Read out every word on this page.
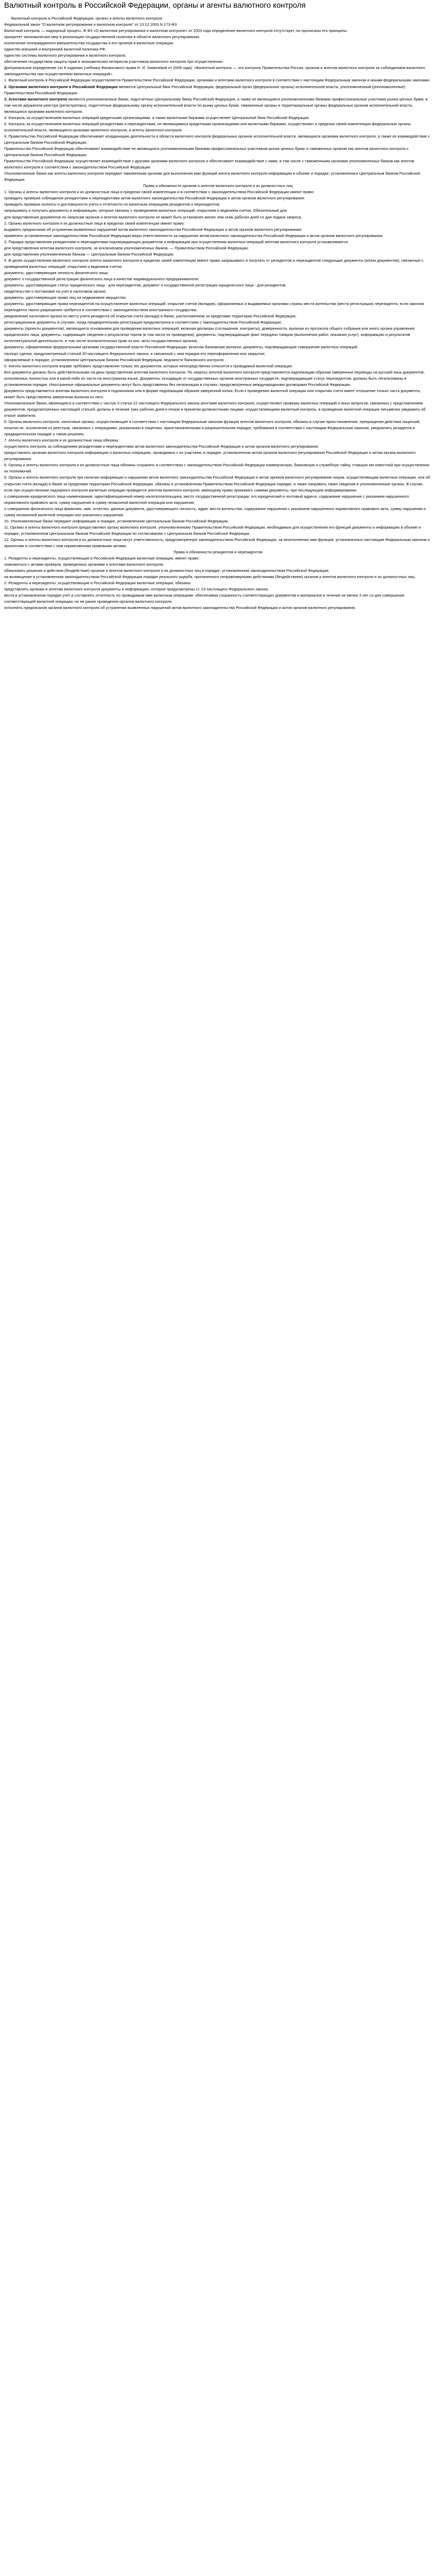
Валютный контроль в Российской Федерации, органы и агенты валютного контроля

Валютный контроль в Российской Федерации, органы и агенты валютного контроля

Федеральный закон "О валютном регулировании и валютном контроле" от 10.12.2003 N 173-ФЗ

Валютный контроль — надзорный процесс. В ФЗ «О валютном регулировании и валютном контроле» от 2003 года определение валютного контроля отсутствует, но прописаны его принципы:

приоритет экономических мер в реализации государственной политики в области валютного регулирования;

исключение неоправданного вмешательства государства и его органов в валютные операции;

единство внешней и внутренней валютной политики РФ;

единство системы валютного регулирования и валютного контроля;

обеспечение государством защиты прав и экономических интересов участников валютного контроля при осуществлении.

Доктринальное определение (по 8 изданию учебника Финансового права Н. И. Химичевой от 2008 года): «Валютный контроль — это контроль Правительства России, органов и агентов валютного контроля за соблюдением валютного законодательства при осуществлении валютных операций».

1. Валютный контроль в Российской Федерации осуществляется Правительством Российской Федерации, органами и агентами валютного контроля в соответствии с настоящим Федеральным законом и иными федеральными законами.

2. Органами валютного контроля в Российской Федерации являются Центральный банк Российской Федерации, федеральный орган (федеральные органы) исполнительной власти, уполномоченный (уполномоченные) Правительством Российской Федерации.

3. Агентами валютного контроля являются уполномоченные банки, подотчетные Центральному банку Российской Федерации, а также не являющиеся уполномоченными банками профессиональные участники рынка ценных бумаг, в том числе держатели реестра (регистраторы), подотчетные федеральному органу исполнительной власти по рынку ценных бумаг, таможенные органы и территориальные органы федеральных органов исполнительной власти, являющихся органами валютного контроля.

4. Контроль за осуществлением валютных операций кредитными организациями, а также валютными биржами осуществляет Центральный банк Российской Федерации.

5. Контроль за осуществлением валютных операций резидентами и нерезидентами, не являющимися кредитными организациями или валютными биржами, осуществляют в пределах своей компетенции федеральные органы исполнительной власти, являющиеся органами валютного контроля, и агенты валютного контроля.

6. Правительство Российской Федерации обеспечивает координацию деятельности в области валютного контроля федеральных органов исполнительной власти, являющихся органами валютного контроля, а также их взаимодействие с Центральным банком Российской Федерации.

Правительство Российской Федерации обеспечивает взаимодействие не являющихся уполномоченными банками профессиональных участников рынка ценных бумаг и таможенных органов как агентов валютного контроля с Центральным банком Российской Федерации.

Правительство Российской Федерации осуществляет взаимодействие с другими органами валютного контроля и обеспечивает взаимодействие с ними, в том числе с таможенными органами уполномоченных банков как агентов валютного контроля в соответствии с законодательством Российской Федерации.

Уполномоченные банки как агенты валютного контроля передают таможенным органам для выполнения ими функций агента валютного контроля информацию в объеме и порядке, установленных Центральным банком Российской Федерации.

Права и обязанности органов и агентов валютного контроля и их должностных лиц

1. Органы и агенты валютного контроля и их должностные лица в пределах своей компетенции и в соответствии с законодательством Российской Федерации имеют право:

проводить проверки соблюдения резидентами и нерезидентами актов валютного законодательства Российской Федерации и актов органов валютного регулирования;

проводить проверки полноты и достоверности учета и отчетности по валютным операциям резидентов и нерезидентов;

запрашивать и получать документы и информацию, которые связаны с проведением валютных операций, открытием и ведением счетов. Обязательный для

для представления документов по запросам органов и агентов валютного контроля не может быть установлен менее чем семь рабочих дней со дня подачи запроса.

2. Органы валютного контроля и их должностные лица в пределах своей компетенции имеют право:

выдавать предписания об устранении выявленных нарушений актов валютного законодательства Российской Федерации и актов органов валютного регулирования;

применять установленные законодательством Российской Федерации меры ответственности за нарушение актов валютного законодательства Российской Федерации и актов органов валютного регулирования.

3. Порядок представления резидентами и нерезидентами подтверждающих документов и информации при осуществлении валютных операций агентам валютного контроля устанавливается:

для представления агентам валютного контроля, за исключением уполномоченных банков, — Правительством Российской Федерации;

для представления уполномоченным банкам — Центральным банком Российской Федерации.

4. В целях осуществления валютного контроля агенты валютного контроля в пределах своей компетенции имеют право запрашивать и получать от резидентов и нерезидентов следующие документы (копии документов), связанные с проведением валютных операций, открытием и ведением счетов:

документы, удостоверяющие личность физического лица;

документ о государственной регистрации физического лица в качестве индивидуального предпринимателя;

документы, удостоверяющие статус юридического лица - для нерезидентов, документ о государственной регистрации юридического лица - для резидентов;

свидетельство о постановке на учет в налоговом органе;

документы, удостоверяющие право лиц на недвижимое имущество;

документы, удостоверяющие права нерезидентов на осуществление валютных операций, открытие счетов (вкладов), оформляемых и выдаваемых органами страны места жительства (места регистрации) нерезидента, если законом нерезидента такого разрешения требуется в соответствии с законодательством иностранного государства;

уведомление налогового органа по месту учета резидента об открытии счета (вклада) в банке, расположенном за пределами территории Российской Федерации;

регистрационные документы в случаях, когда предварительная регистрация предусмотрена в соответствии с законодательством Российской Федерации;

документы (проекты документов), являющиеся основанием для проведения валютных операций, включая договоры (соглашения, контракты), доверенности, выписки из протокола общего собрания или иного органа управления юридического лица, документы, содержащие сведения о результатах торгов (в том числе их проведения), документы, подтверждающие факт передачи товаров (выполнения работ, оказания услуг), информацию и результатов интеллектуальной деятельности, в том числе исключительных прав на них, акты государственных органов;

документы, оформляемые федеральными органами государственной власти Российской Федерации, включая банковские выписки; документы, подтверждающие совершение валютных операций;

паспорт сделки, предусмотренный статьей 20 настоящего Федерального закона, и связанный с ним порядок его переоформления или закрытия;

оформляемые в порядке, установленном Центральным банком Российской Федерации, ведомости банковского контроля;

5. Агенты валютного контроля вправе требовать представления только тех документов, которые непосредственно относятся к проводимой валютной операции.

Все документы должны быть действительными на день представления агентам валютного контроля. По запросу агентов валютного контроля представляются надлежащим образом заверенные переводы на русский язык документов, исполненных полностью или в какой-либо их части на иностранном языке. Документы, исходящие от государственных органов иностранных государств, подтверждающие статус нерезидентов, должны быть легализованы в установленном порядке. Иностранные официальные документы могут быть представлены без легализации в случаях, предусмотренных международными договорами Российской Федерации.

Документы представляются агентам валютного контроля в подлинниках или в форме надлежащим образом заверенной копии. Если к проведению валютной операции или открытию счета имеет отношение только часть документа, может быть представлена заверенная выписка из него.

Уполномоченные банки, являющиеся в соответствии с частью 3 статьи 22 настоящего Федерального закона агентами валютного контроля, осуществляют проверку валютных операций и иных вопросов, связанных с представлением документов, предусмотренных настоящей статьей, должны в течение трех рабочих дней и отказе в принятии должностными лицами, осуществляющими валютный контроль, в проведении валютной операции письменно уведомить об отказе заявителя.

6. Органы валютного контроля, налоговые органы, осуществляющие в соответствии с настоящим Федеральным законом функции агентов валютного контроля, обязаны в случае приостановления, прекращения действия лицензий, изъятия их, исключения из реестров, связанных с операциями, указанными в лицензии, приостановленными в разрешительном порядке, требования в соответствии с настоящим Федеральным законом, уведомлять резидента в предварительном порядке о таком решении.

7. Агенты валютного контроля и их должностные лица обязаны:

осуществлять контроль за соблюдением резидентами и нерезидентами актов валютного законодательства Российской Федерации и актов органов валютного регулирования;

предоставлять органам валютного контроля информацию о валютных операциях, проводимых с их участием, в порядке, установленном актом органов валютного регулирования Российской Федерации и актом органа валютного регулирования.

8. Органы и агенты валютного контроля и их должностные лица обязаны сохранять в соответствии с законодательством Российской Федерации коммерческую, банковскую и служебную тайну, ставшую им известной при осуществлении их полномочий.

9. Органы и агенты валютного контроля при наличии информации о нарушении актов валютного законодательства Российской Федерации и актов органов валютного регулирования лицом, осуществляющим валютные операции, или об открытии счета (вклада) в банке за пределами территории Российской Федерации, обязаны в установленном Правительством Российской Федерации порядке, а также направить такие сведения в уполномоченные органы. В случае, если при осуществлении надзорного контроля валютные операции проводятся агентом валютного контроля, имеющему право принимать самими документы, при последующем информировании;

о совершении юридического лица наименование, идентификационный номер налогоплательщика, место государственной регистрации, его юридический и почтовый адреса, содержание нарушения с указанием нарушенного нормативного правового акта, сумму нарушения в сумму незаконной валютной операции или нарушения;

о совершении физического лица фамилию, имя, отчество, данные документа, удостоверяющего личность, адрес места жительства, содержание нарушения с указанием нарушенного нормативного правового акта, сумму нарушения и сумму незаконной валютной операции или указанного нарушения.

10. Уполномоченные банки передают информацию в порядке, установленном Центральным банком Российской Федерации.

11. Органы и агенты валютного контроля предоставляют органу валютного контроля, уполномоченному Правительством Российской Федерации, необходимые для осуществления его функций документы и информацию в объеме и порядке, установленном Центральным банком Российской Федерации по согласованию с Центральным банком Российской Федерации.

12. Органы и агенты валютного контроля и их должностные лица несут ответственность, предусмотренную законодательством Российской Федерации, за неисполнение ими функций, установленных настоящим Федеральным законом и принятыми в соответствии с ним нормативными правовыми актами.

Права и обязанности резидентов и нерезидентов

1. Резиденты и нерезиденты, осуществляющие в Российской Федерации валютные операции, имеют право:

знакомиться с актами проверок, проведенных органами и агентами валютного контроля;

обжаловать решения и действия (бездействие) органов и агентов валютного контроля и их должностных лиц в порядке, установленном законодательством Российской Федерации;

на возмещение в установленном законодательством Российской Федерации порядке реального ущерба, причиненного неправомерными действиями (бездействием) органов и агентов валютного контроля и их должностных лиц.

2. Резиденты и нерезиденты, осуществляющие в Российской Федерации валютные операции, обязаны:

представлять органам и агентам валютного контроля документы и информацию, которые предусмотрены ст. 23 настоящего Федерального закона;

вести в установленном порядке учет и составлять отчетность по проводимым ими валютным операциям, обеспечивая сохранность соответствующих документов и материалов в течение не менее 3 лет со дня совершения соответствующей валютной операции, но не ранее проведения органом валютного контроля;

исполнять предписания органов валютного контроля об устранении выявленных нарушений актов валютного законодательства Российской Федерации и актов органов валютного регулирования.
